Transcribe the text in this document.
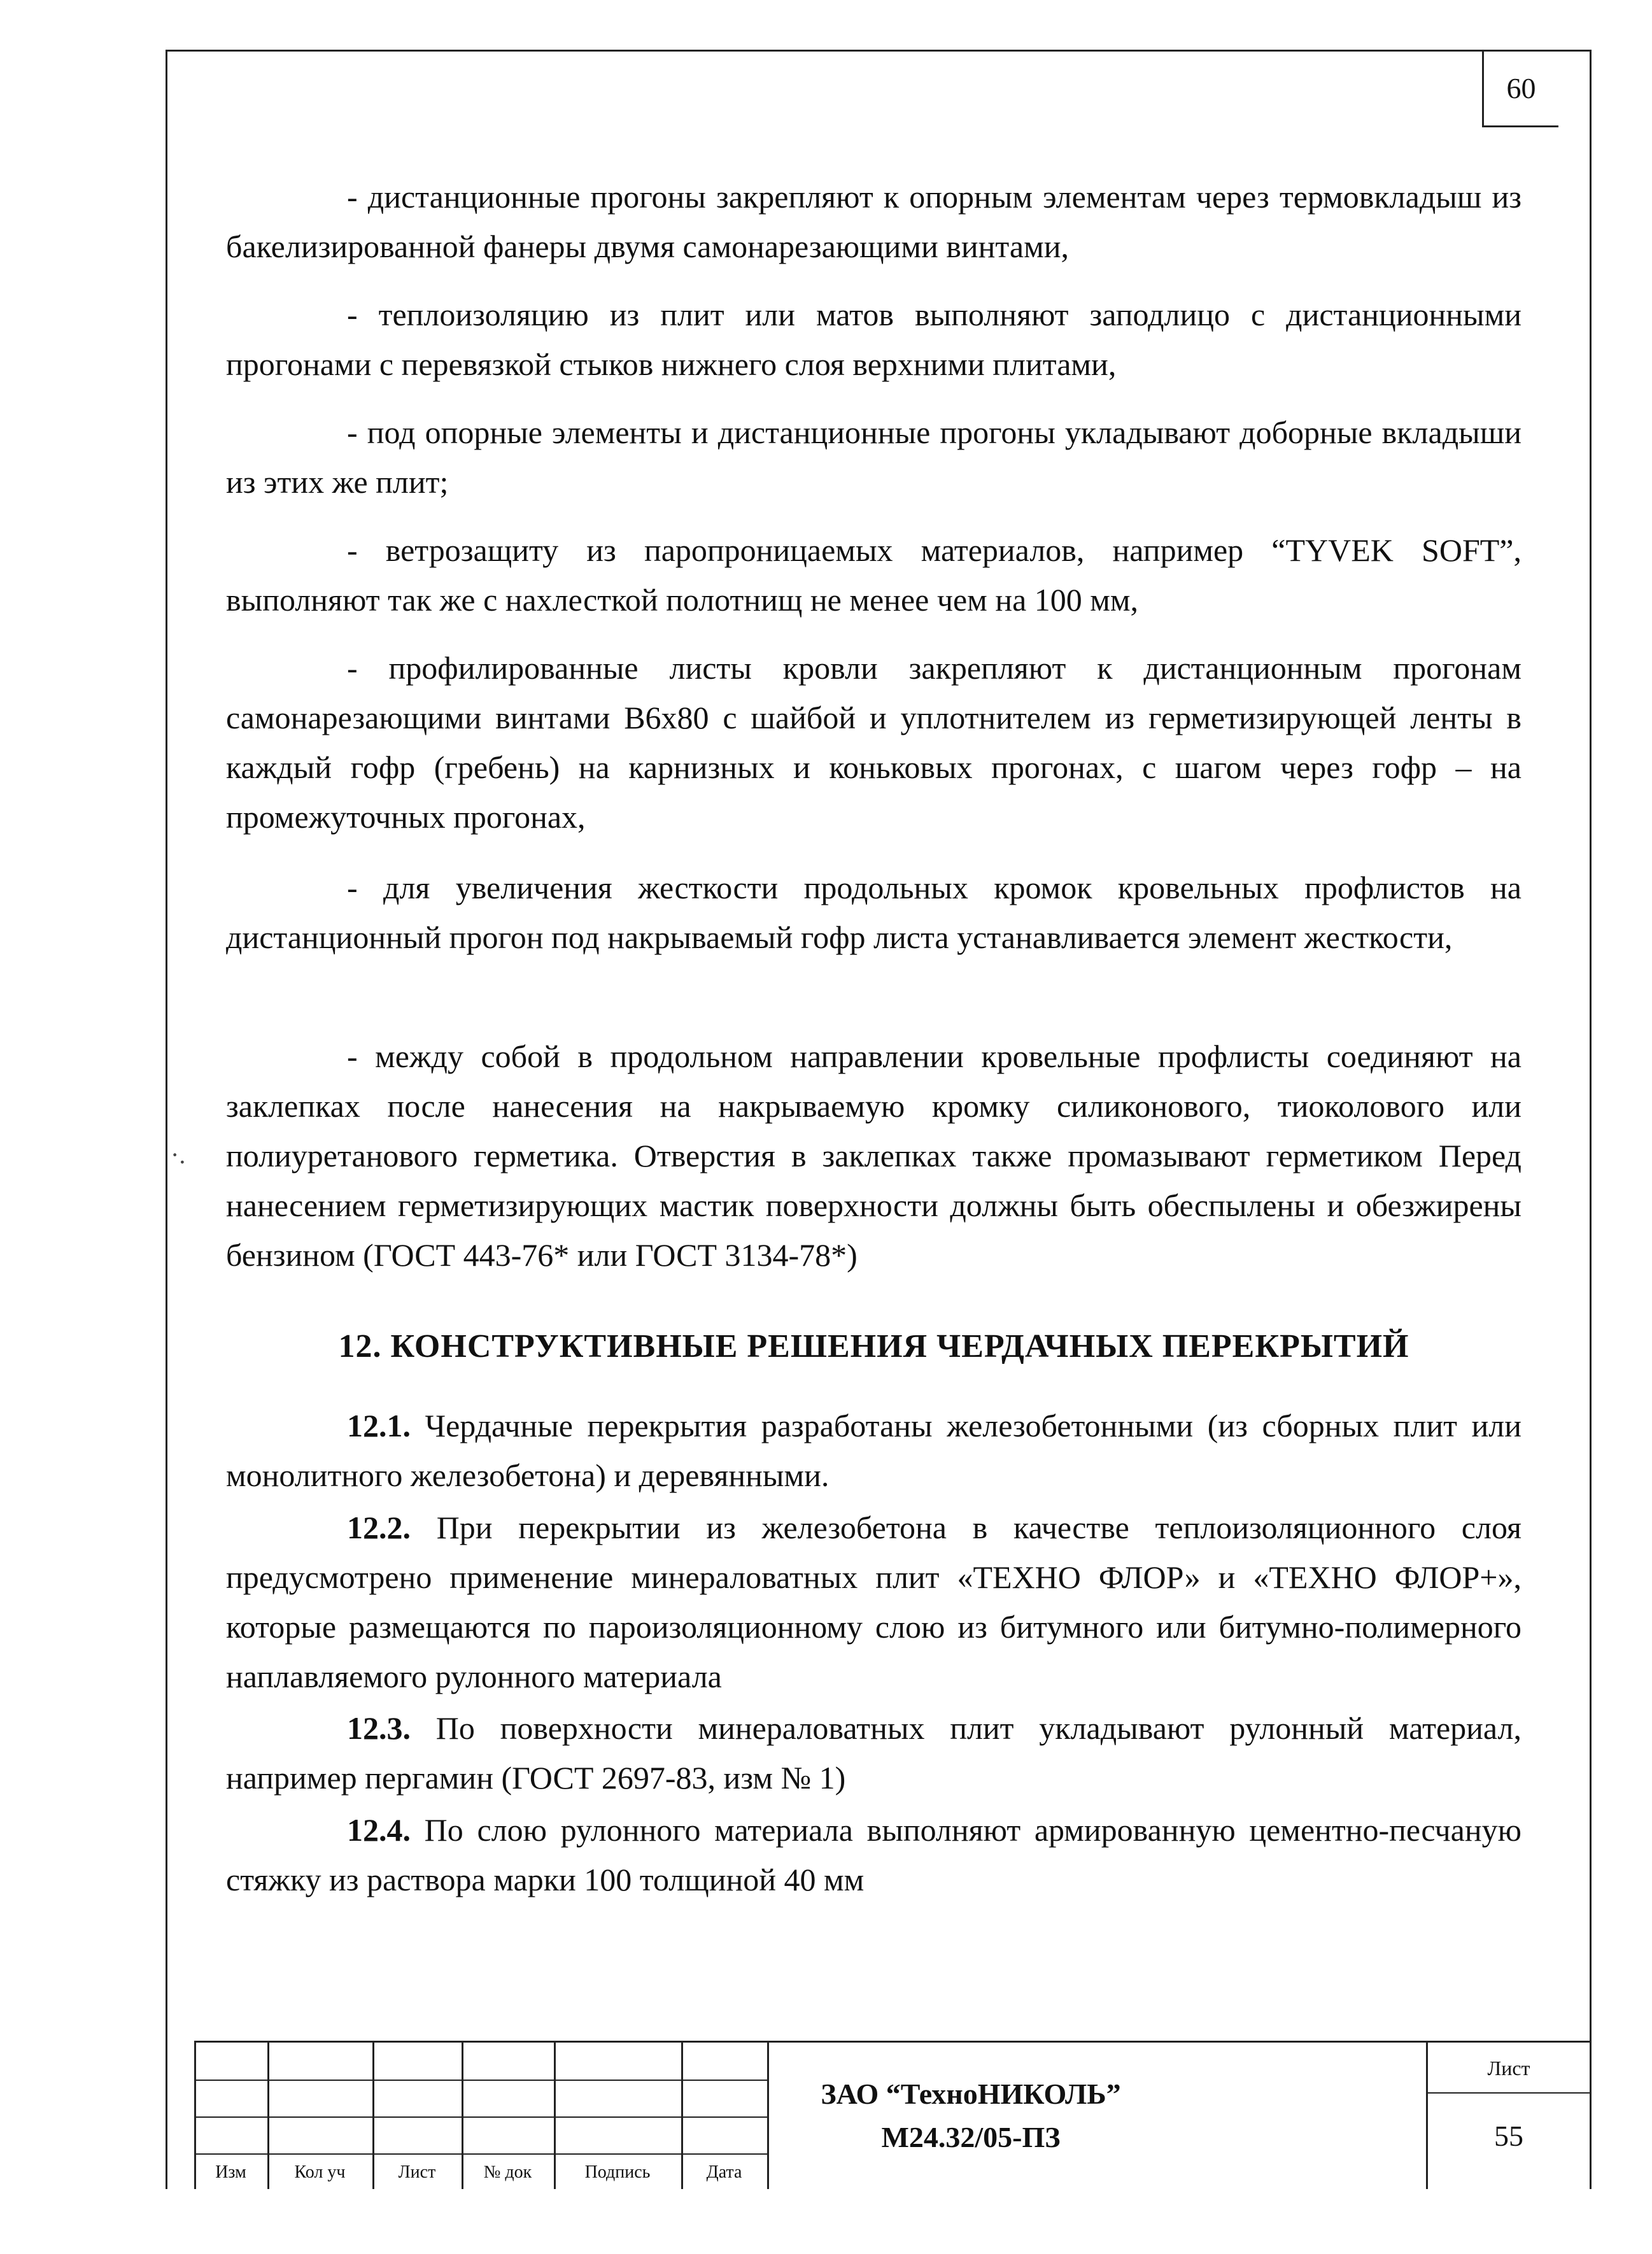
60

- дистанционные прогоны закрепляют к опорным элементам через термовкладыш из бакелизированной фанеры двумя самонарезающими винтами,

- теплоизоляцию из плит или матов выполняют заподлицо с дистанционными прогонами с перевязкой стыков нижнего слоя верхними плитами,

- под опорные элементы и дистанционные прогоны укладывают доборные вкладыши из этих же плит;

- ветрозащиту из паропроницаемых материалов, например “TYVEK SOFT”, выполняют так же с нахлесткой полотнищ не менее чем на 100 мм,

- профилированные листы кровли закрепляют к дистанционным прогонам самонарезающими винтами В6х80 с шайбой и уплотнителем из герметизирующей ленты в каждый гофр (гребень) на карнизных и коньковых прогонах, с шагом через гофр – на промежуточных прогонах,

- для увеличения жесткости продольных кромок кровельных профлистов на дистанционный прогон под накрываемый гофр листа устанавливается элемент жесткости,

- между собой в продольном направлении кровельные профлисты соединяют на заклепках после нанесения на накрываемую кромку силиконового, тиоколового или полиуретанового герметика. Отверстия в заклепках также промазывают герметиком Перед нанесением герметизирующих мастик поверхности должны быть обеспылены и обезжирены бензином (ГОСТ 443-76* или ГОСТ 3134-78*)

·.
12. КОНСТРУКТИВНЫЕ РЕШЕНИЯ ЧЕРДАЧНЫХ ПЕРЕКРЫТИЙ

12.1. Чердачные перекрытия разработаны железобетонными (из сборных плит или монолитного железобетона) и деревянными.

12.2. При перекрытии из железобетона в качестве теплоизоляционного слоя предусмотрено применение минераловатных плит «ТЕХНО ФЛОР» и «ТЕХНО ФЛОР+», которые размещаются по пароизоляционному слою из битумного или битумно-полимерного наплавляемого рулонного материала

12.3. По поверхности минераловатных плит укладывают рулонный материал, например пергамин (ГОСТ 2697-83, изм № 1)

12.4. По слою рулонного материала выполняют армированную цементно-песчаную стяжку из раствора марки 100 толщиной 40 мм

Изм	Кол уч	Лист	№ док	Подпись	Дата
ЗАО “ТехноНИКОЛЬ”
М24.32/05-ПЗ
Лист
55
